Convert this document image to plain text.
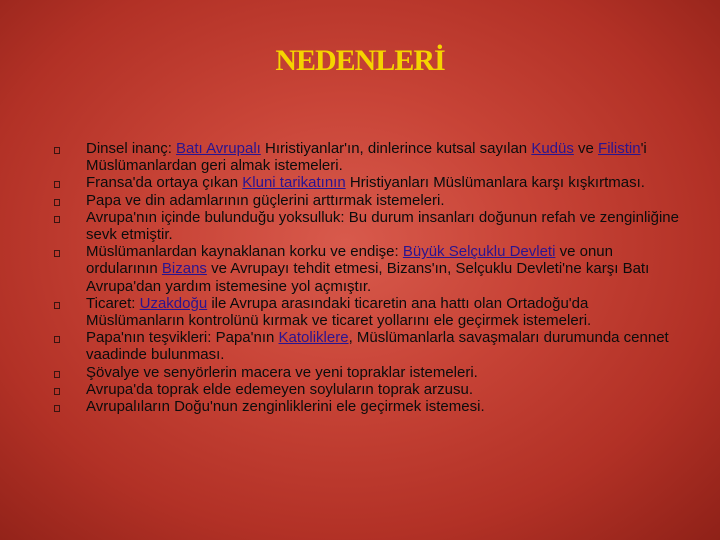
NEDENLERİ
Dinsel inanç: Batı Avrupalı Hıristiyanlar'ın, dinlerince kutsal sayılan Kudüs ve Filistin'i Müslümanlardan geri almak istemeleri.
Fransa'da ortaya çıkan Kluni tarikatının Hristiyanları Müslümanlara karşı kışkırtması.
Papa ve din adamlarının güçlerini arttırmak istemeleri.
Avrupa'nın içinde bulunduğu yoksulluk: Bu durum insanları doğunun refah ve zenginliğine sevk etmiştir.
Müslümanlardan kaynaklanan korku ve endişe: Büyük Selçuklu Devleti ve onun ordularının Bizans ve Avrupayı tehdit etmesi, Bizans'ın, Selçuklu Devleti'ne karşı Batı Avrupa'dan yardım istemesine yol açmıştır.
Ticaret: Uzakdoğu ile Avrupa arasındaki ticaretin ana hattı olan Ortadoğu'da Müslümanların kontrolünü kırmak ve ticaret yollarını ele geçirmek istemeleri.
Papa'nın teşvikleri: Papa'nın Katoliklere, Müslümanlarla savaşmaları durumunda cennet vaadinde bulunması.
Şövalye ve senyörlerin macera ve yeni topraklar istemeleri.
Avrupa'da toprak elde edemeyen soyluların toprak arzusu.
Avrupalıların Doğu'nun zenginliklerini ele geçirmek istemesi.
